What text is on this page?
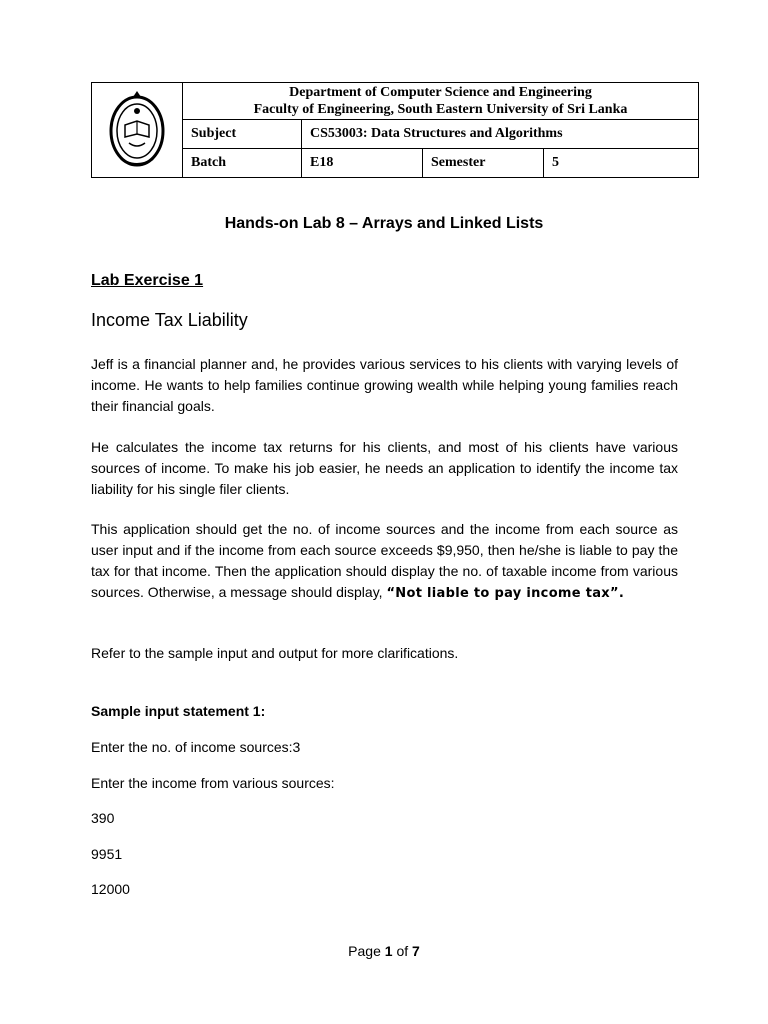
Department of Computer Science and Engineering
Faculty of Engineering, South Eastern University of Sri Lanka			

	Subject	CS53003: Data Structures and Algorithms		
	Batch	E18	Semester	5
Hands-on Lab 8 – Arrays and Linked Lists
Lab Exercise 1
Income Tax Liability

Jeff is a financial planner and, he provides various services to his clients with varying levels of income. He wants to help families continue growing wealth while helping young families reach their financial goals.

He calculates the income tax returns for his clients, and most of his clients have various sources of income. To make his job easier, he needs an application to identify the income tax liability for his single filer clients.

This application should get the no. of income sources and the income from each source as user input and if the income from each source exceeds $9,950, then he/she is liable to pay the tax for that income. Then the application should display the no. of taxable income from various sources. Otherwise, a message should display, “Not liable to pay income tax”.

Refer to the sample input and output for more clarifications.

Sample input statement 1:

Enter the no. of income sources:3

Enter the income from various sources:

390

9951

12000

Page 1 of 7
